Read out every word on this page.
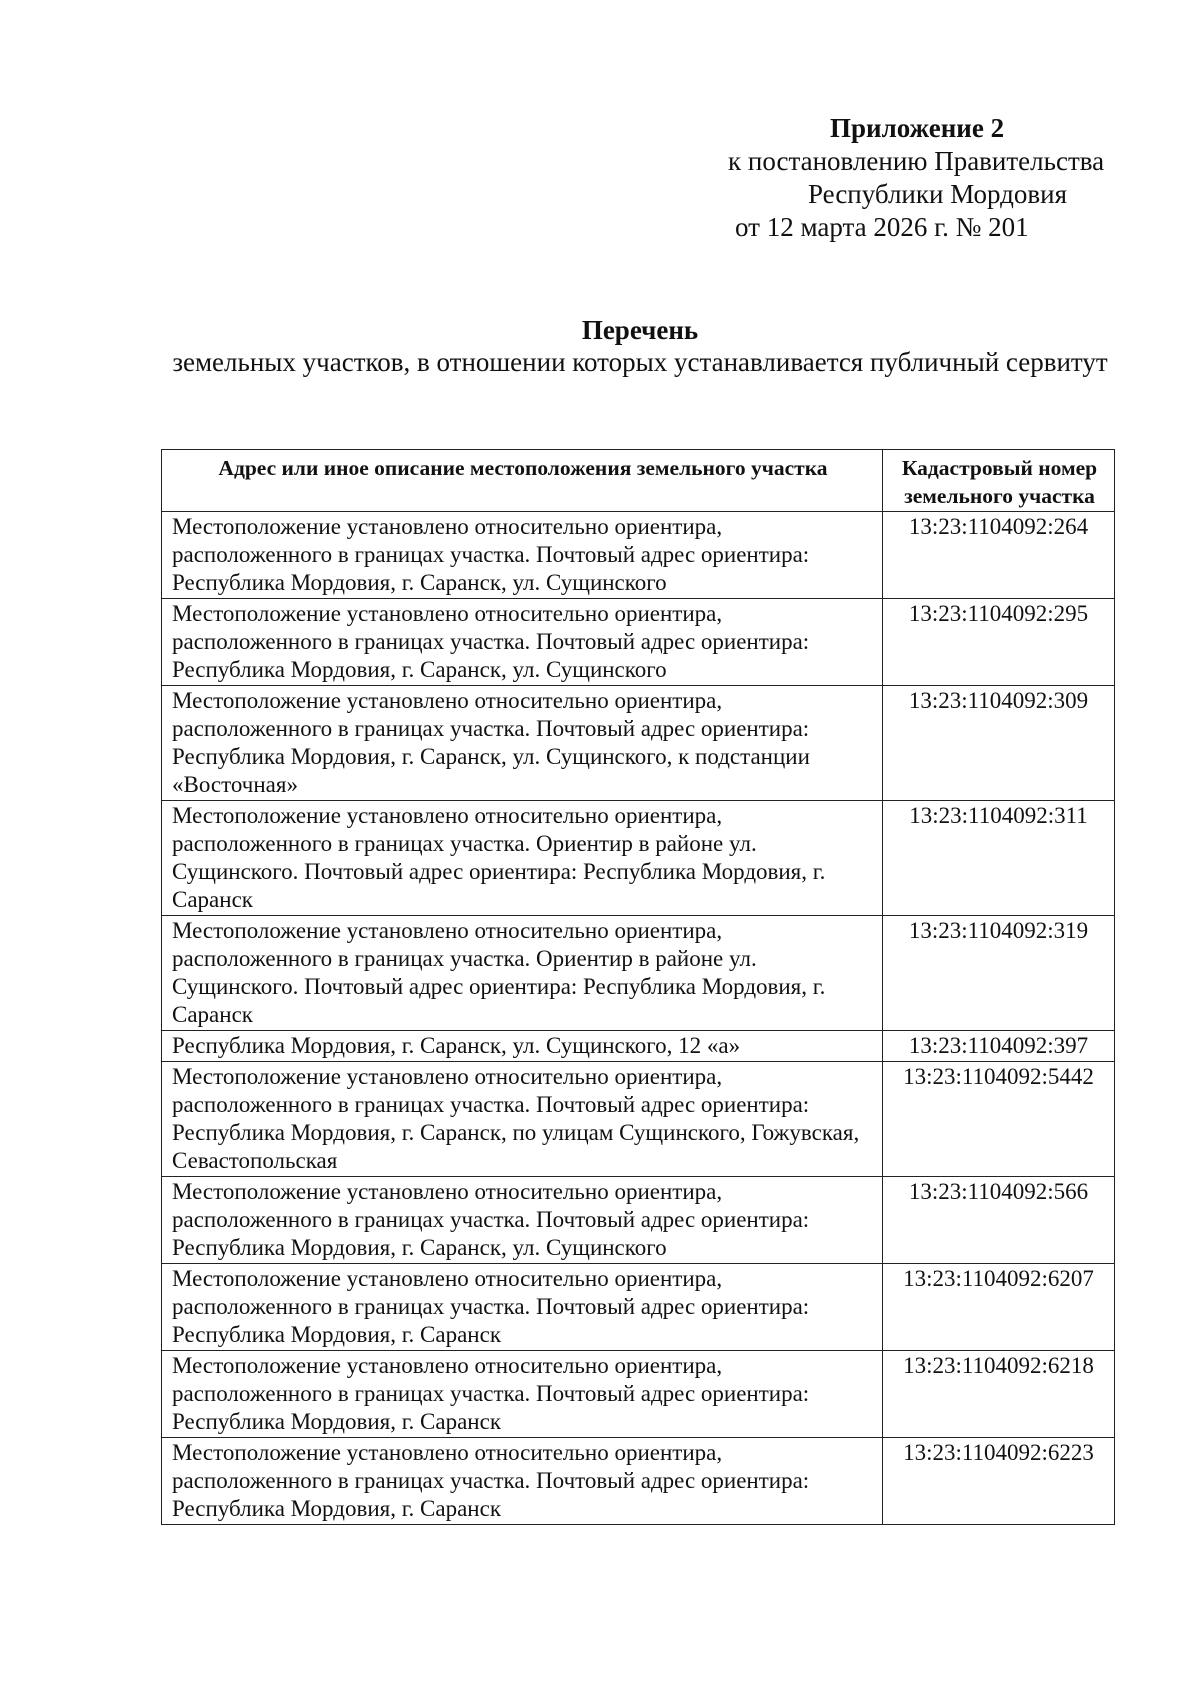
Приложение 2
к постановлению Правительства
Республики Мордовия
от 12 марта 2026 г. № 201
Перечень
земельных участков, в отношении которых устанавливается публичный сервитут
Адрес или иное описание местоположения земельного участка	Кадастровый номер земельного участка
Местоположение установлено относительно ориентира, расположенного в границах участка. Почтовый адрес ориентира: Республика Мордовия, г. Саранск, ул. Сущинского	13:23:1104092:264
Местоположение установлено относительно ориентира, расположенного в границах участка. Почтовый адрес ориентира: Республика Мордовия, г. Саранск, ул. Сущинского	13:23:1104092:295
Местоположение установлено относительно ориентира, расположенного в границах участка. Почтовый адрес ориентира: Республика Мордовия, г. Саранск, ул. Сущинского, к подстанции «Восточная»	13:23:1104092:309
Местоположение установлено относительно ориентира, расположенного в границах участка. Ориентир в районе ул. Сущинского. Почтовый адрес ориентира: Республика Мордовия, г. Саранск	13:23:1104092:311
Местоположение установлено относительно ориентира, расположенного в границах участка. Ориентир в районе ул. Сущинского. Почтовый адрес ориентира: Республика Мордовия, г. Саранск	13:23:1104092:319
Республика Мордовия, г. Саранск, ул. Сущинского, 12 «а»	13:23:1104092:397
Местоположение установлено относительно ориентира, расположенного в границах участка. Почтовый адрес ориентира: Республика Мордовия, г. Саранск, по улицам Сущинского, Гожувская, Севастопольская	13:23:1104092:5442
Местоположение установлено относительно ориентира, расположенного в границах участка. Почтовый адрес ориентира: Республика Мордовия, г. Саранск, ул. Сущинского	13:23:1104092:566
Местоположение установлено относительно ориентира, расположенного в границах участка. Почтовый адрес ориентира: Республика Мордовия, г. Саранск	13:23:1104092:6207
Местоположение установлено относительно ориентира, расположенного в границах участка. Почтовый адрес ориентира: Республика Мордовия, г. Саранск	13:23:1104092:6218
Местоположение установлено относительно ориентира, расположенного в границах участка. Почтовый адрес ориентира: Республика Мордовия, г. Саранск	13:23:1104092:6223
